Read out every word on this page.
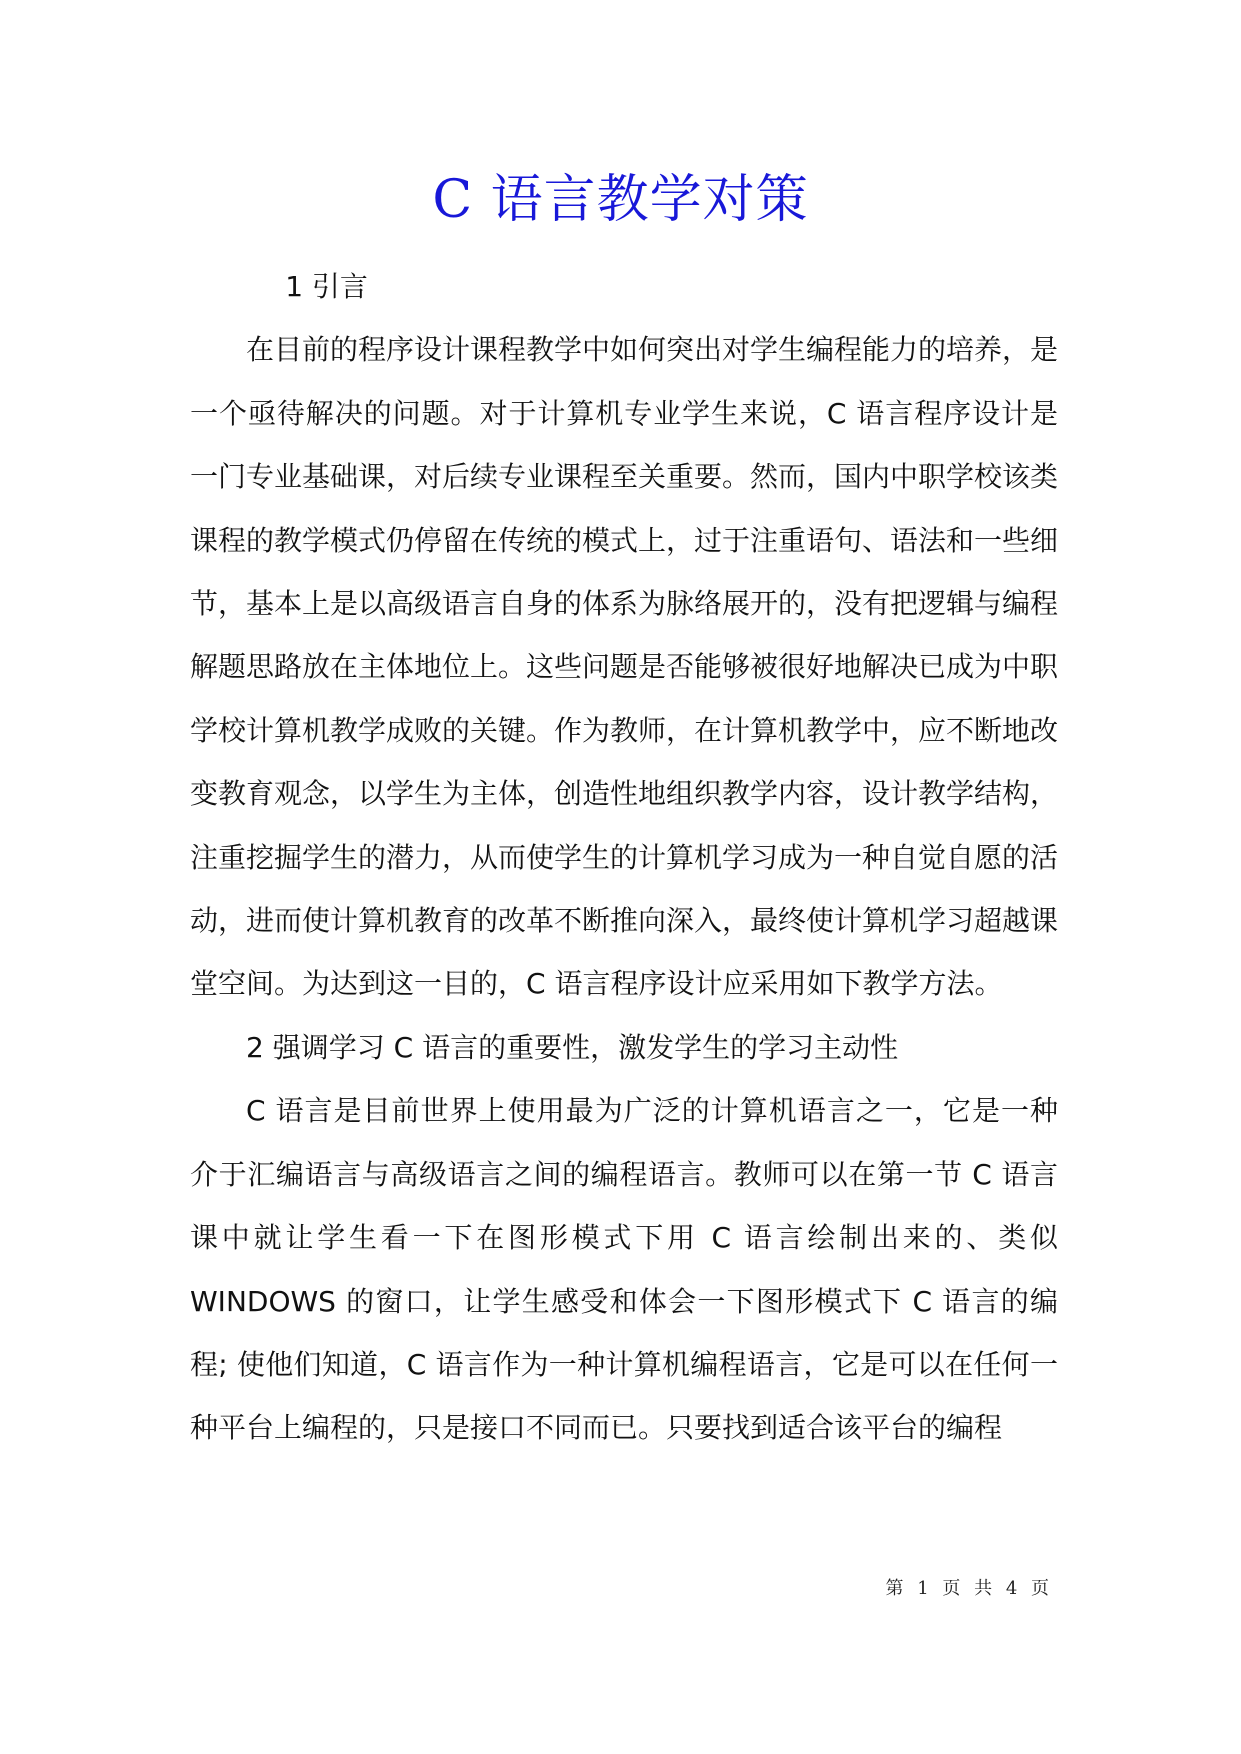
C 语言教学对策

1 引言

在目前的程序设计课程教学中如何突出对学生编程能力的培养，是一个亟待解决的问题。对于计算机专业学生来说，C 语言程序设计是一门专业基础课，对后续专业课程至关重要。然而，国内中职学校该类课程的教学模式仍停留在传统的模式上，过于注重语句、语法和一些细节，基本上是以高级语言自身的体系为脉络展开的，没有把逻辑与编程解题思路放在主体地位上。这些问题是否能够被很好地解决已成为中职学校计算机教学成败的关键。作为教师，在计算机教学中，应不断地改变教育观念，以学生为主体，创造性地组织教学内容，设计教学结构，注重挖掘学生的潜力，从而使学生的计算机学习成为一种自觉自愿的活动，进而使计算机教育的改革不断推向深入，最终使计算机学习超越课堂空间。为达到这一目的，C 语言程序设计应采用如下教学方法。

2 强调学习 C 语言的重要性，激发学生的学习主动性

C 语言是目前世界上使用最为广泛的计算机语言之一，它是一种介于汇编语言与高级语言之间的编程语言。教师可以在第一节 C 语言课中就让学生看一下在图形模式下用 C 语言绘制出来的、类似 WINDOWS 的窗口，让学生感受和体会一下图形模式下 C 语言的编程; 使他们知道，C 语言作为一种计算机编程语言，它是可以在任何一种平台上编程的，只是接口不同而已。只要找到适合该平台的编程

第 1 页 共 4 页
